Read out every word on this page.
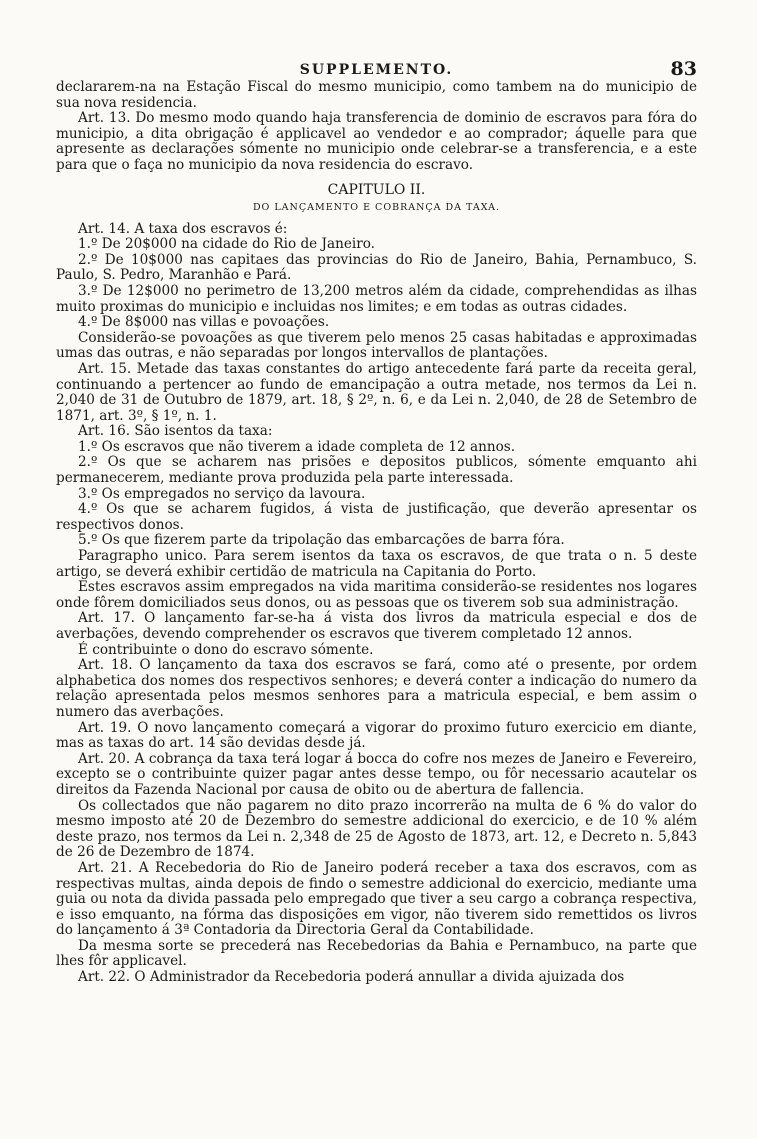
SUPPLEMENTO.	83

declararem-na na Estação Fiscal do mesmo municipio, como tambem na do municipio de sua nova residencia.

Art. 13. Do mesmo modo quando haja transferencia de dominio de escravos para fóra do municipio, a dita obrigação é applicavel ao vendedor e ao comprador; áquelle para que apresente as declarações sómente no municipio onde celebrar-se a transferencia, e a este para que o faça no municipio da nova residencia do escravo.

CAPITULO II.
DO LANÇAMENTO E COBRANÇA DA TAXA.

Art. 14. A taxa dos escravos é:

1.º De 20$000 na cidade do Rio de Janeiro.

2.º De 10$000 nas capitaes das provincias do Rio de Janeiro, Bahia, Pernambuco, S. Paulo, S. Pedro, Maranhão e Pará.

3.º De 12$000 no perimetro de 13,200 metros além da cidade, comprehendidas as ilhas muito proximas do municipio e incluidas nos limites; e em todas as outras cidades.

4.º De 8$000 nas villas e povoações.

Considerão-se povoações as que tiverem pelo menos 25 casas habitadas e approximadas umas das outras, e não separadas por longos intervallos de plantações.

Art. 15. Metade das taxas constantes do artigo antecedente fará parte da receita geral, continuando a pertencer ao fundo de emancipação a outra metade, nos termos da Lei n. 2,040 de 31 de Outubro de 1879, art. 18, § 2º, n. 6, e da Lei n. 2,040, de 28 de Setembro de 1871, art. 3º, § 1º, n. 1.

Art. 16. São isentos da taxa:

1.º Os escravos que não tiverem a idade completa de 12 annos.

2.º Os que se acharem nas prisões e depositos publicos, sómente emquanto ahi permanecerem, mediante prova produzida pela parte interessada.

3.º Os empregados no serviço da lavoura.

4.º Os que se acharem fugidos, á vista de justificação, que deverão apresentar os respectivos donos.

5.º Os que fizerem parte da tripolação das embarcações de barra fóra.

Paragrapho unico. Para serem isentos da taxa os escravos, de que trata o n. 5 deste artigo, se deverá exhibir certidão de matricula na Capitania do Porto.

Estes escravos assim empregados na vida maritima considerão-se residentes nos logares onde fôrem domiciliados seus donos, ou as pessoas que os tiverem sob sua administração.

Art. 17. O lançamento far-se-ha á vista dos livros da matricula especial e dos de averbações, devendo comprehender os escravos que tiverem completado 12 annos.

É contribuinte o dono do escravo sómente.

Art. 18. O lançamento da taxa dos escravos se fará, como até o presente, por ordem alphabetica dos nomes dos respectivos senhores; e deverá conter a indicação do numero da relação apresentada pelos mesmos senhores para a matricula especial, e bem assim o numero das averbações.

Art. 19. O novo lançamento começará a vigorar do proximo futuro exercicio em diante, mas as taxas do art. 14 são devidas desde já.

Art. 20. A cobrança da taxa terá logar á bocca do cofre nos mezes de Janeiro e Fevereiro, excepto se o contribuinte quizer pagar antes desse tempo, ou fôr necessario acautelar os direitos da Fazenda Nacional por causa de obito ou de abertura de fallencia.

Os collectados que não pagarem no dito prazo incorrerão na multa de 6 % do valor do mesmo imposto até 20 de Dezembro do semestre addicional do exercicio, e de 10 % além deste prazo, nos termos da Lei n. 2,348 de 25 de Agosto de 1873, art. 12, e Decreto n. 5,843 de 26 de Dezembro de 1874.

Art. 21. A Recebedoria do Rio de Janeiro poderá receber a taxa dos escravos, com as respectivas multas, ainda depois de findo o semestre addicional do exercicio, mediante uma guia ou nota da divida passada pelo empregado que tiver a seu cargo a cobrança respectiva, e isso emquanto, na fórma das disposições em vigor, não tiverem sido remettidos os livros do lançamento á 3ª Contadoria da Directoria Geral da Contabilidade.

Da mesma sorte se precederá nas Recebedorias da Bahia e Pernambuco, na parte que lhes fôr applicavel.

Art. 22. O Administrador da Recebedoria poderá annullar a divida ajuizada dos
